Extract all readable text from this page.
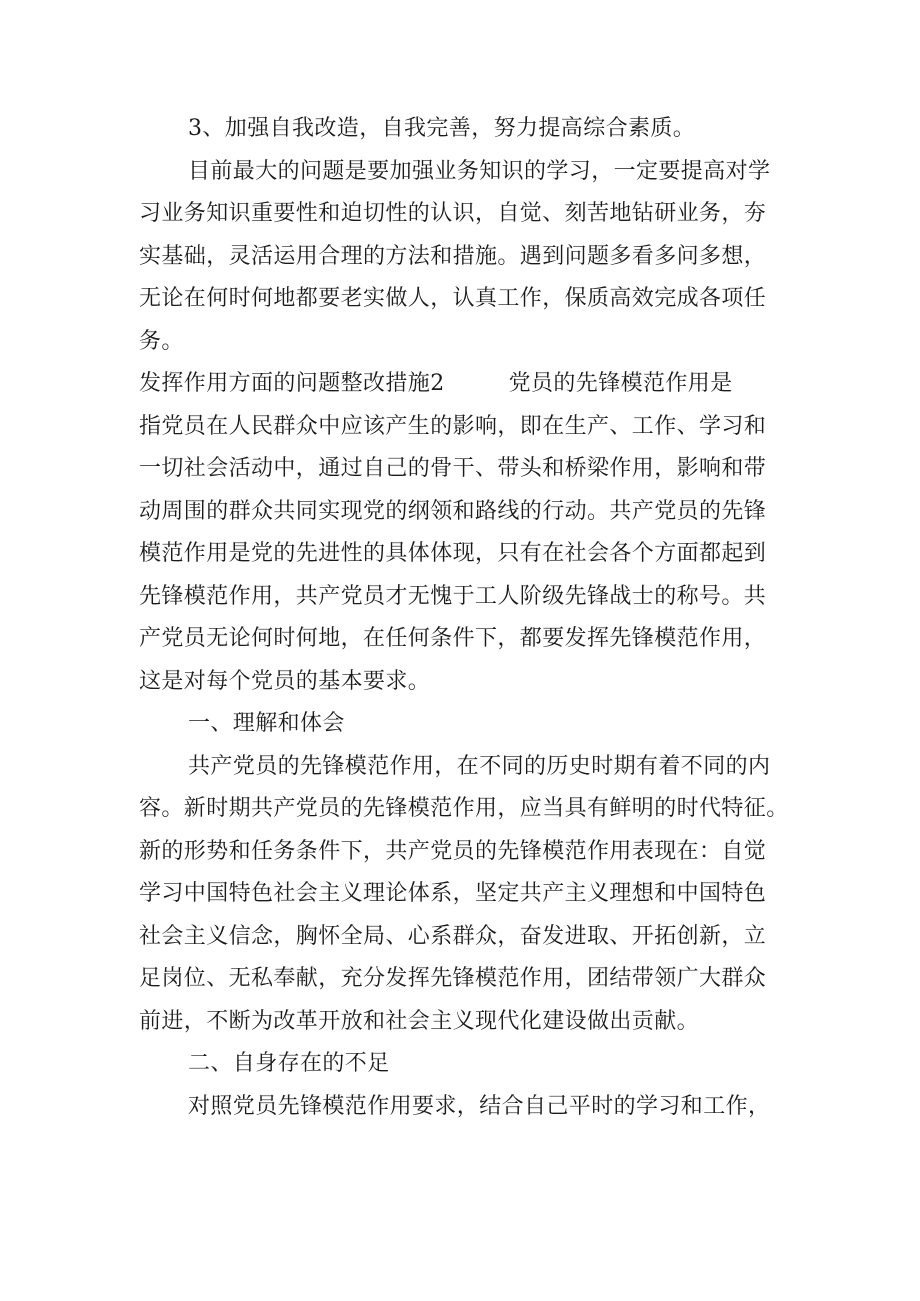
3、加强自我改造，自我完善，努力提高综合素质。
目前最大的问题是要加强业务知识的学习，一定要提高对学
习业务知识重要性和迫切性的认识，自觉、刻苦地钻研业务，夯
实基础，灵活运用合理的方法和措施。遇到问题多看多问多想，
无论在何时何地都要老实做人，认真工作，保质高效完成各项任
务。
发挥作用方面的问题整改措施2	党员的先锋模范作用是
指党员在人民群众中应该产生的影响，即在生产、工作、学习和
一切社会活动中，通过自己的骨干、带头和桥梁作用，影响和带
动周围的群众共同实现党的纲领和路线的行动。共产党员的先锋
模范作用是党的先进性的具体体现，只有在社会各个方面都起到
先锋模范作用，共产党员才无愧于工人阶级先锋战士的称号。共
产党员无论何时何地，在任何条件下，都要发挥先锋模范作用，
这是对每个党员的基本要求。
一、理解和体会
共产党员的先锋模范作用，在不同的历史时期有着不同的内
容。新时期共产党员的先锋模范作用，应当具有鲜明的时代特征。
新的形势和任务条件下，共产党员的先锋模范作用表现在：自觉
学习中国特色社会主义理论体系，坚定共产主义理想和中国特色
社会主义信念，胸怀全局、心系群众，奋发进取、开拓创新，立
足岗位、无私奉献，充分发挥先锋模范作用，团结带领广大群众
前进，不断为改革开放和社会主义现代化建设做出贡献。
二、自身存在的不足
对照党员先锋模范作用要求，结合自己平时的学习和工作，
